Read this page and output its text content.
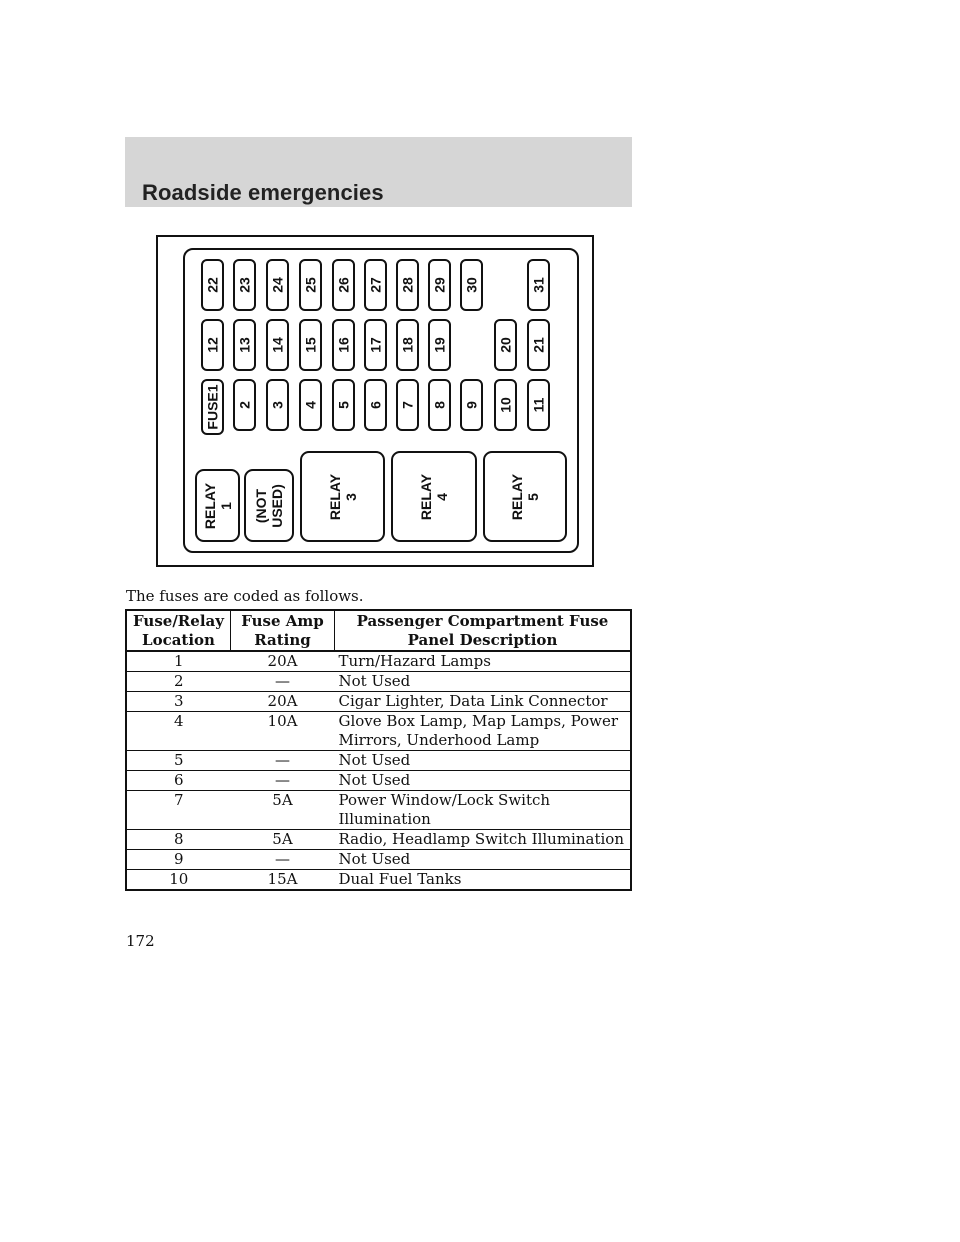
Roadside emergencies
FUSE1 2 3 4 5 6 7 8 9 10 11
12 13 14 15 16 17 18 19	20 21
22 23 24 25 26 27 28 29 30	31
RELAY 1 (NOT USED)	RELAY 3	RELAY 4	RELAY 5
The fuses are coded as follows.
Fuse/Relay Location	Fuse Amp Rating	Passenger Compartment Fuse Panel Description
1	20A	Turn/Hazard Lamps
2	—	Not Used
3	20A	Cigar Lighter, Data Link Connector
4	10A	Glove Box Lamp, Map Lamps, Power Mirrors, Underhood Lamp
5	—	Not Used
6	—	Not Used
7	5A	Power Window/Lock Switch Illumination
8	5A	Radio, Headlamp Switch Illumination
9	—	Not Used
10	15A	Dual Fuel Tanks
172
